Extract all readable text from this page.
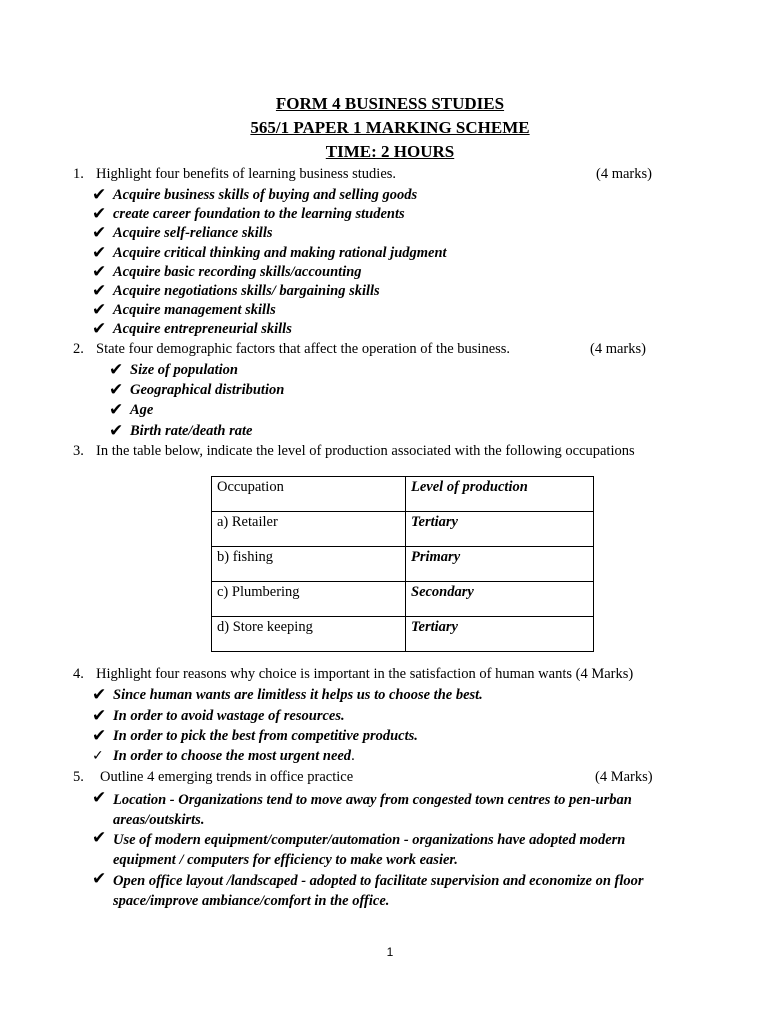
FORM 4 BUSINESS STUDIES
565/1 PAPER 1 MARKING SCHEME
TIME: 2 HOURS
1. Highlight four benefits of learning business studies.	(4 marks)
✔ Acquire business skills of buying and selling goods
✔ create career foundation to the learning students
✔ Acquire self-reliance skills
✔ Acquire critical thinking and making rational judgment
✔ Acquire basic recording skills/accounting
✔ Acquire negotiations skills/ bargaining skills
✔ Acquire management skills
✔ Acquire entrepreneurial skills
2. State four demographic factors that affect the operation of the business.	(4 marks)
✔ Size of population
✔ Geographical distribution
✔ Age
✔ Birth rate/death rate
3. In the table below, indicate the level of production associated with the following occupations
Occupation	Level of production
a) Retailer	Tertiary
b) fishing	Primary
c) Plumbering	Secondary
d) Store keeping	Tertiary
4. Highlight four reasons why choice is important in the satisfaction of human wants (4 Marks)
✔ Since human wants are limitless it helps us to choose the best.
✔ In order to avoid wastage of resources.
✔ In order to pick the best from competitive products.
✓ In order to choose the most urgent need.
5. Outline 4 emerging trends in office practice	(4 Marks)
✔ Location - Organizations tend to move away from congested town centres to pen-urban areas/outskirts.
✔ Use of modern equipment/computer/automation - organizations have adopted modern equipment / computers for efficiency to make work easier.
✔ Open office layout /landscaped - adopted to facilitate supervision and economize on floor space/improve ambiance/comfort in the office.
1
